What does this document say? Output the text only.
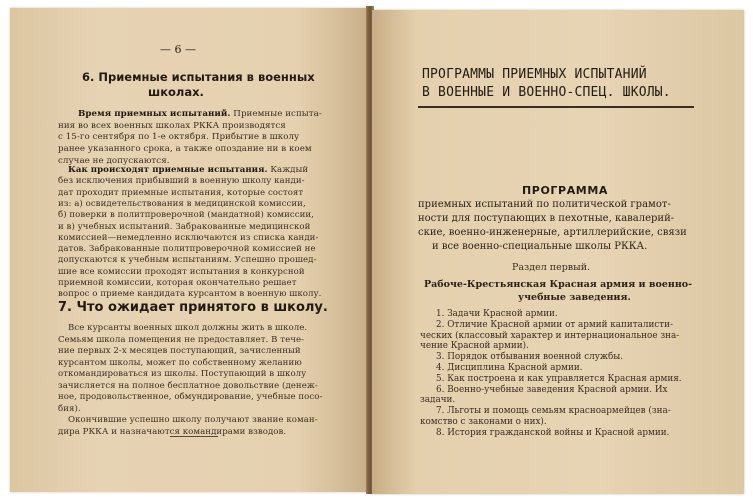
— 6 —
6. Приемные испытания в военных
школах.
Время приемных испытаний. Приемные испыта-
ния во всех военных школах РККА производятся
с 15-го сентября по 1-е октября. Прибытие в школу
ранее указанного срока, а также опоздание ни в коем
случае не допускаются.
Как происходят приемные испытания. Каждый
без исключения прибывший в военную школу канди-
дат проходит приемные испытания, которые состоят
из: а) освидетельствования в медицинской комиссии,
б) поверки в политпроверочной (мандатной) комиссии,
и в) учебных испытаний. Забракованные медицинской
комиссией—немедленно исключаются из списка канди-
датов. Забракованные политпроверочной комиссией не
допускаются к учебным испытаниям. Успешно прошед-
шие все комиссии проходят испытания в конкурсной
приемной комиссии, которая окончательно решает
вопрос о приеме кандидата курсантом в военную школу.
7. Что ожидает принятого в школу.
Все курсанты военных школ должны жить в школе.
Семьям школа помещения не предоставляет. В тече-
ние первых 2-х месяцев поступающий, зачисленный
курсантом школы, может по собственному желанию
откомандироваться из школы. Поступающий в школу
зачисляется на полное бесплатное довольствие (денеж-
ное, продовольственное, обмундирование, учебные посо-
бия).
Окончившие успешно школу получают звание коман-
дира РККА и назначаются командирами взводов.
ПРОГРАММЫ ПРИЕМНЫХ ИСПЫТАНИЙ
В ВОЕННЫЕ И ВОЕННО-СПЕЦ. ШКОЛЫ.
ПРОГРАММА
приемных испытаний по политической грамот-
ности для поступающих в пехотные, кавалерий-
ские, военно-инженерные, артиллерийские, связи
и все военно-специальные школы РККА.
Раздел первый.
Рабоче-Крестьянская Красная армия и военно-
учебные заведения.
1. Задачи Красной армии.
2. Отличие Красной армии от армий капиталисти-
ческих (классовый характер и интернациональное зна-
чение Красной армии).
3. Порядок отбывания военной службы.
4. Дисциплина Красной армии.
5. Как построена и как управляется Красная армия.
6. Военно-учебные заведения Красной армии. Их
задачи.
7. Льготы и помощь семьям красноармейцев (зна-
комство с законами о них).
8. История гражданской войны и Красной армии.
